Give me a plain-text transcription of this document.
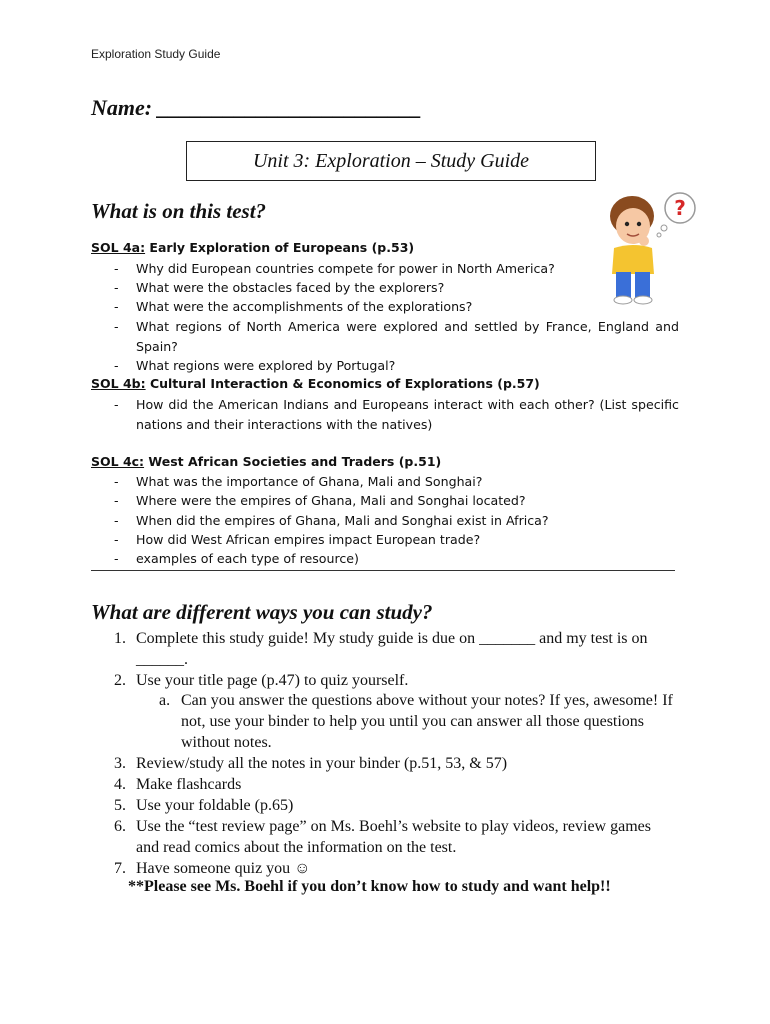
Exploration Study Guide
Name: ________________________
Unit 3: Exploration – Study Guide
What is on this test?	?
SOL 4a: Early Exploration of Europeans (p.53)
- Why did European countries compete for power in North America?
- What were the obstacles faced by the explorers?
- What were the accomplishments of the explorations?
- What regions of North America were explored and settled by France, England and Spain?
- What regions were explored by Portugal?
SOL 4b: Cultural Interaction & Economics of Explorations (p.57)
- How did the American Indians and Europeans interact with each other? (List specific nations and their interactions with the natives)
SOL 4c: West African Societies and Traders (p.51)
- What was the importance of Ghana, Mali and Songhai?
- Where were the empires of Ghana, Mali and Songhai located?
- When did the empires of Ghana, Mali and Songhai exist in Africa?
- How did West African empires impact European trade?
- examples of each type of resource)
What are different ways you can study?
1. Complete this study guide! My study guide is due on _______ and my test is on ______.
2. Use your title page (p.47) to quiz yourself.
a. Can you answer the questions above without your notes? If yes, awesome! If not, use your binder to help you until you can answer all those questions without notes.
3. Review/study all the notes in your binder (p.51, 53, & 57)
4. Make flashcards
5. Use your foldable (p.65)
6. Use the “test review page” on Ms. Boehl’s website to play videos, review games and read comics about the information on the test.
7. Have someone quiz you ☺
**Please see Ms. Boehl if you don’t know how to study and want help!!
